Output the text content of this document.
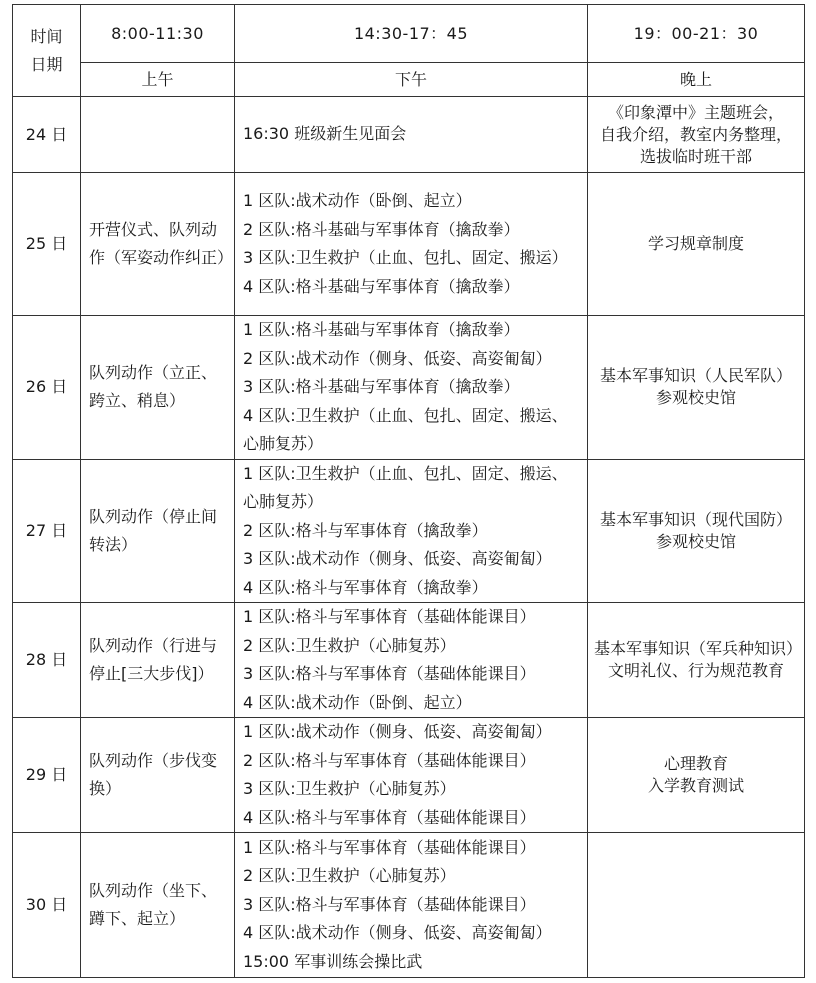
时间
日期	8:00-11:30	14:30-17：45	19：00-21：30
	上午	下午	晚上
24 日		16:30 班级新生见面会	《印象潭中》主题班会，
自我介绍，教室内务整理，
选拔临时班干部

25 日	开营仪式、队列动作（军姿动作纠正）	1 区队:战术动作（卧倒、起立）
2 区队:格斗基础与军事体育（擒敌拳）
3 区队:卫生救护（止血、包扎、固定、搬运）
4 区队:格斗基础与军事体育（擒敌拳）	学习规章制度

26 日	队列动作（立正、跨立、稍息）	1 区队:格斗基础与军事体育（擒敌拳）
2 区队:战术动作（侧身、低姿、高姿匍匐）
3 区队:格斗基础与军事体育（擒敌拳）
4 区队:卫生救护（止血、包扎、固定、搬运、心肺复苏）	基本军事知识（人民军队）
参观校史馆

27 日	队列动作（停止间转法）	1 区队:卫生救护（止血、包扎、固定、搬运、心肺复苏）
2 区队:格斗与军事体育（擒敌拳）
3 区队:战术动作（侧身、低姿、高姿匍匐）
4 区队:格斗与军事体育（擒敌拳）	基本军事知识（现代国防）
参观校史馆

28 日	队列动作（行进与停止[三大步伐]）	1 区队:格斗与军事体育（基础体能课目）
2 区队:卫生救护（心肺复苏）
3 区队:格斗与军事体育（基础体能课目）
4 区队:战术动作（卧倒、起立）	基本军事知识（军兵种知识）
文明礼仪、行为规范教育

29 日	队列动作（步伐变换）	1 区队:战术动作（侧身、低姿、高姿匍匐）
2 区队:格斗与军事体育（基础体能课目）
3 区队:卫生救护（心肺复苏）
4 区队:格斗与军事体育（基础体能课目）	心理教育
入学教育测试

30 日	队列动作（坐下、蹲下、起立）	1 区队:格斗与军事体育（基础体能课目）
2 区队:卫生救护（心肺复苏）
3 区队:格斗与军事体育（基础体能课目）
4 区队:战术动作（侧身、低姿、高姿匍匐）
15:00 军事训练会操比武	
